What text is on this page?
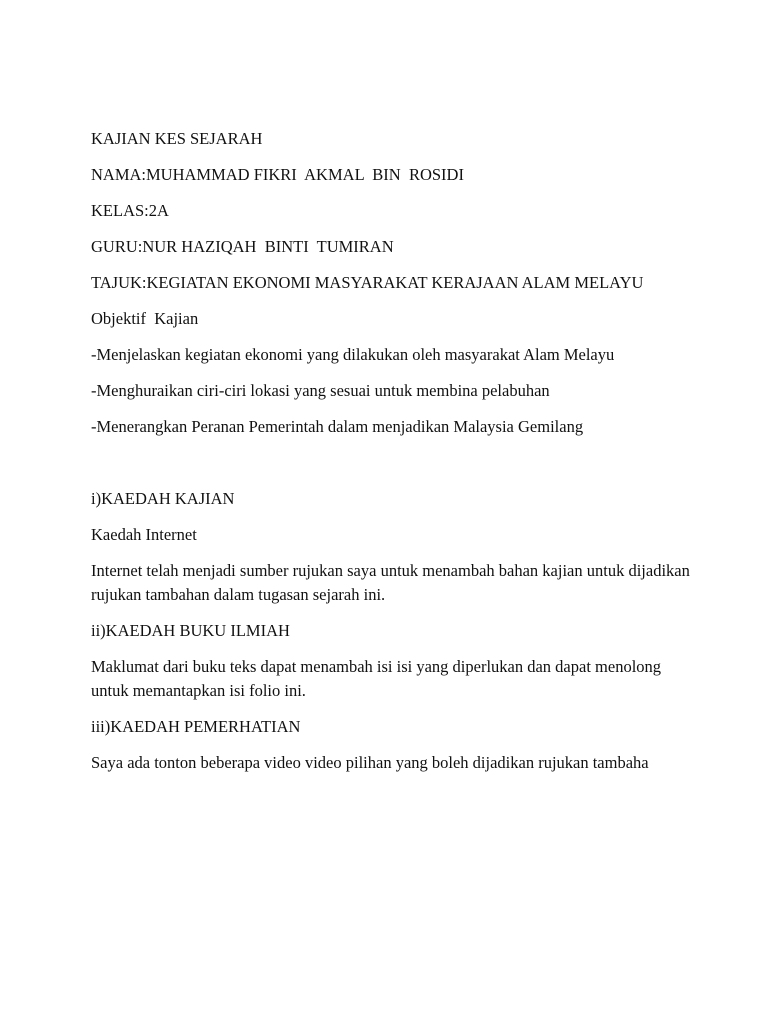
KAJIAN KES SEJARAH

NAMA:MUHAMMAD FIKRI  AKMAL  BIN  ROSIDI

KELAS:2A

GURU:NUR HAZIQAH  BINTI  TUMIRAN

TAJUK:KEGIATAN EKONOMI MASYARAKAT KERAJAAN ALAM MELAYU

Objektif  Kajian

-Menjelaskan kegiatan ekonomi yang dilakukan oleh masyarakat Alam Melayu

-Menghuraikan ciri-ciri lokasi yang sesuai untuk membina pelabuhan

-Menerangkan Peranan Pemerintah dalam menjadikan Malaysia Gemilang

i)KAEDAH KAJIAN

Kaedah Internet

Internet telah menjadi sumber rujukan saya untuk menambah bahan kajian untuk dijadikan rujukan tambahan dalam tugasan sejarah ini.

ii)KAEDAH BUKU ILMIAH

Maklumat dari buku teks dapat menambah isi isi yang diperlukan dan dapat menolong untuk memantapkan isi folio ini.

iii)KAEDAH PEMERHATIAN

Saya ada tonton beberapa video video pilihan yang boleh dijadikan rujukan tambaha
